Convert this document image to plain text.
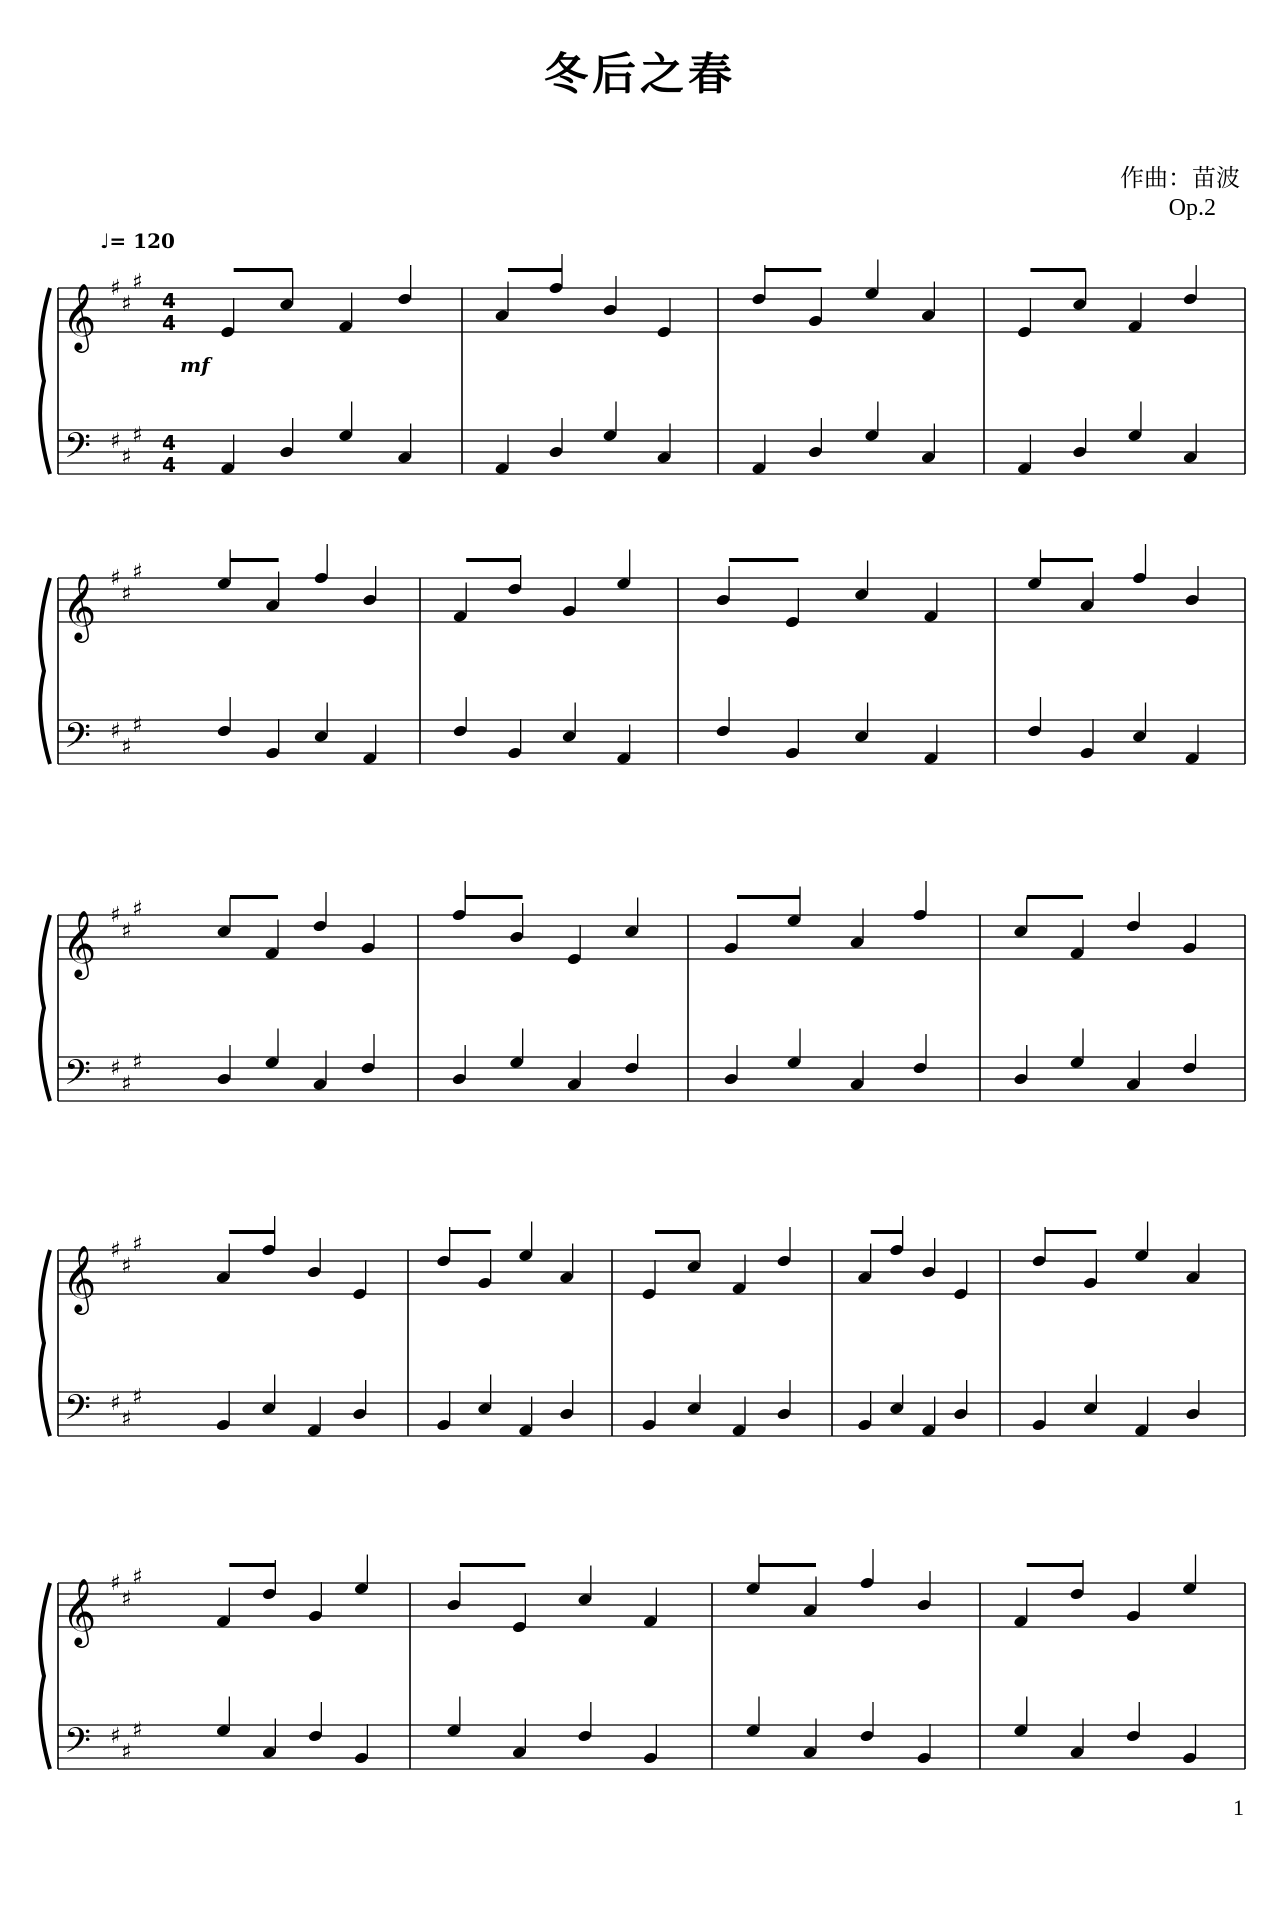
冬后之春
作曲：苗波
Op.2
1
𝄞
𝄢
♯
♯
♯
♯
♯
♯
4
4
4
4
♩= 120
mf
𝄞
𝄢
♯
♯
♯
♯
♯
♯
𝄞
𝄢
♯
♯
♯
♯
♯
♯
𝄞
𝄢
♯
♯
♯
♯
♯
♯
𝄞
𝄢
♯
♯
♯
♯
♯
♯
